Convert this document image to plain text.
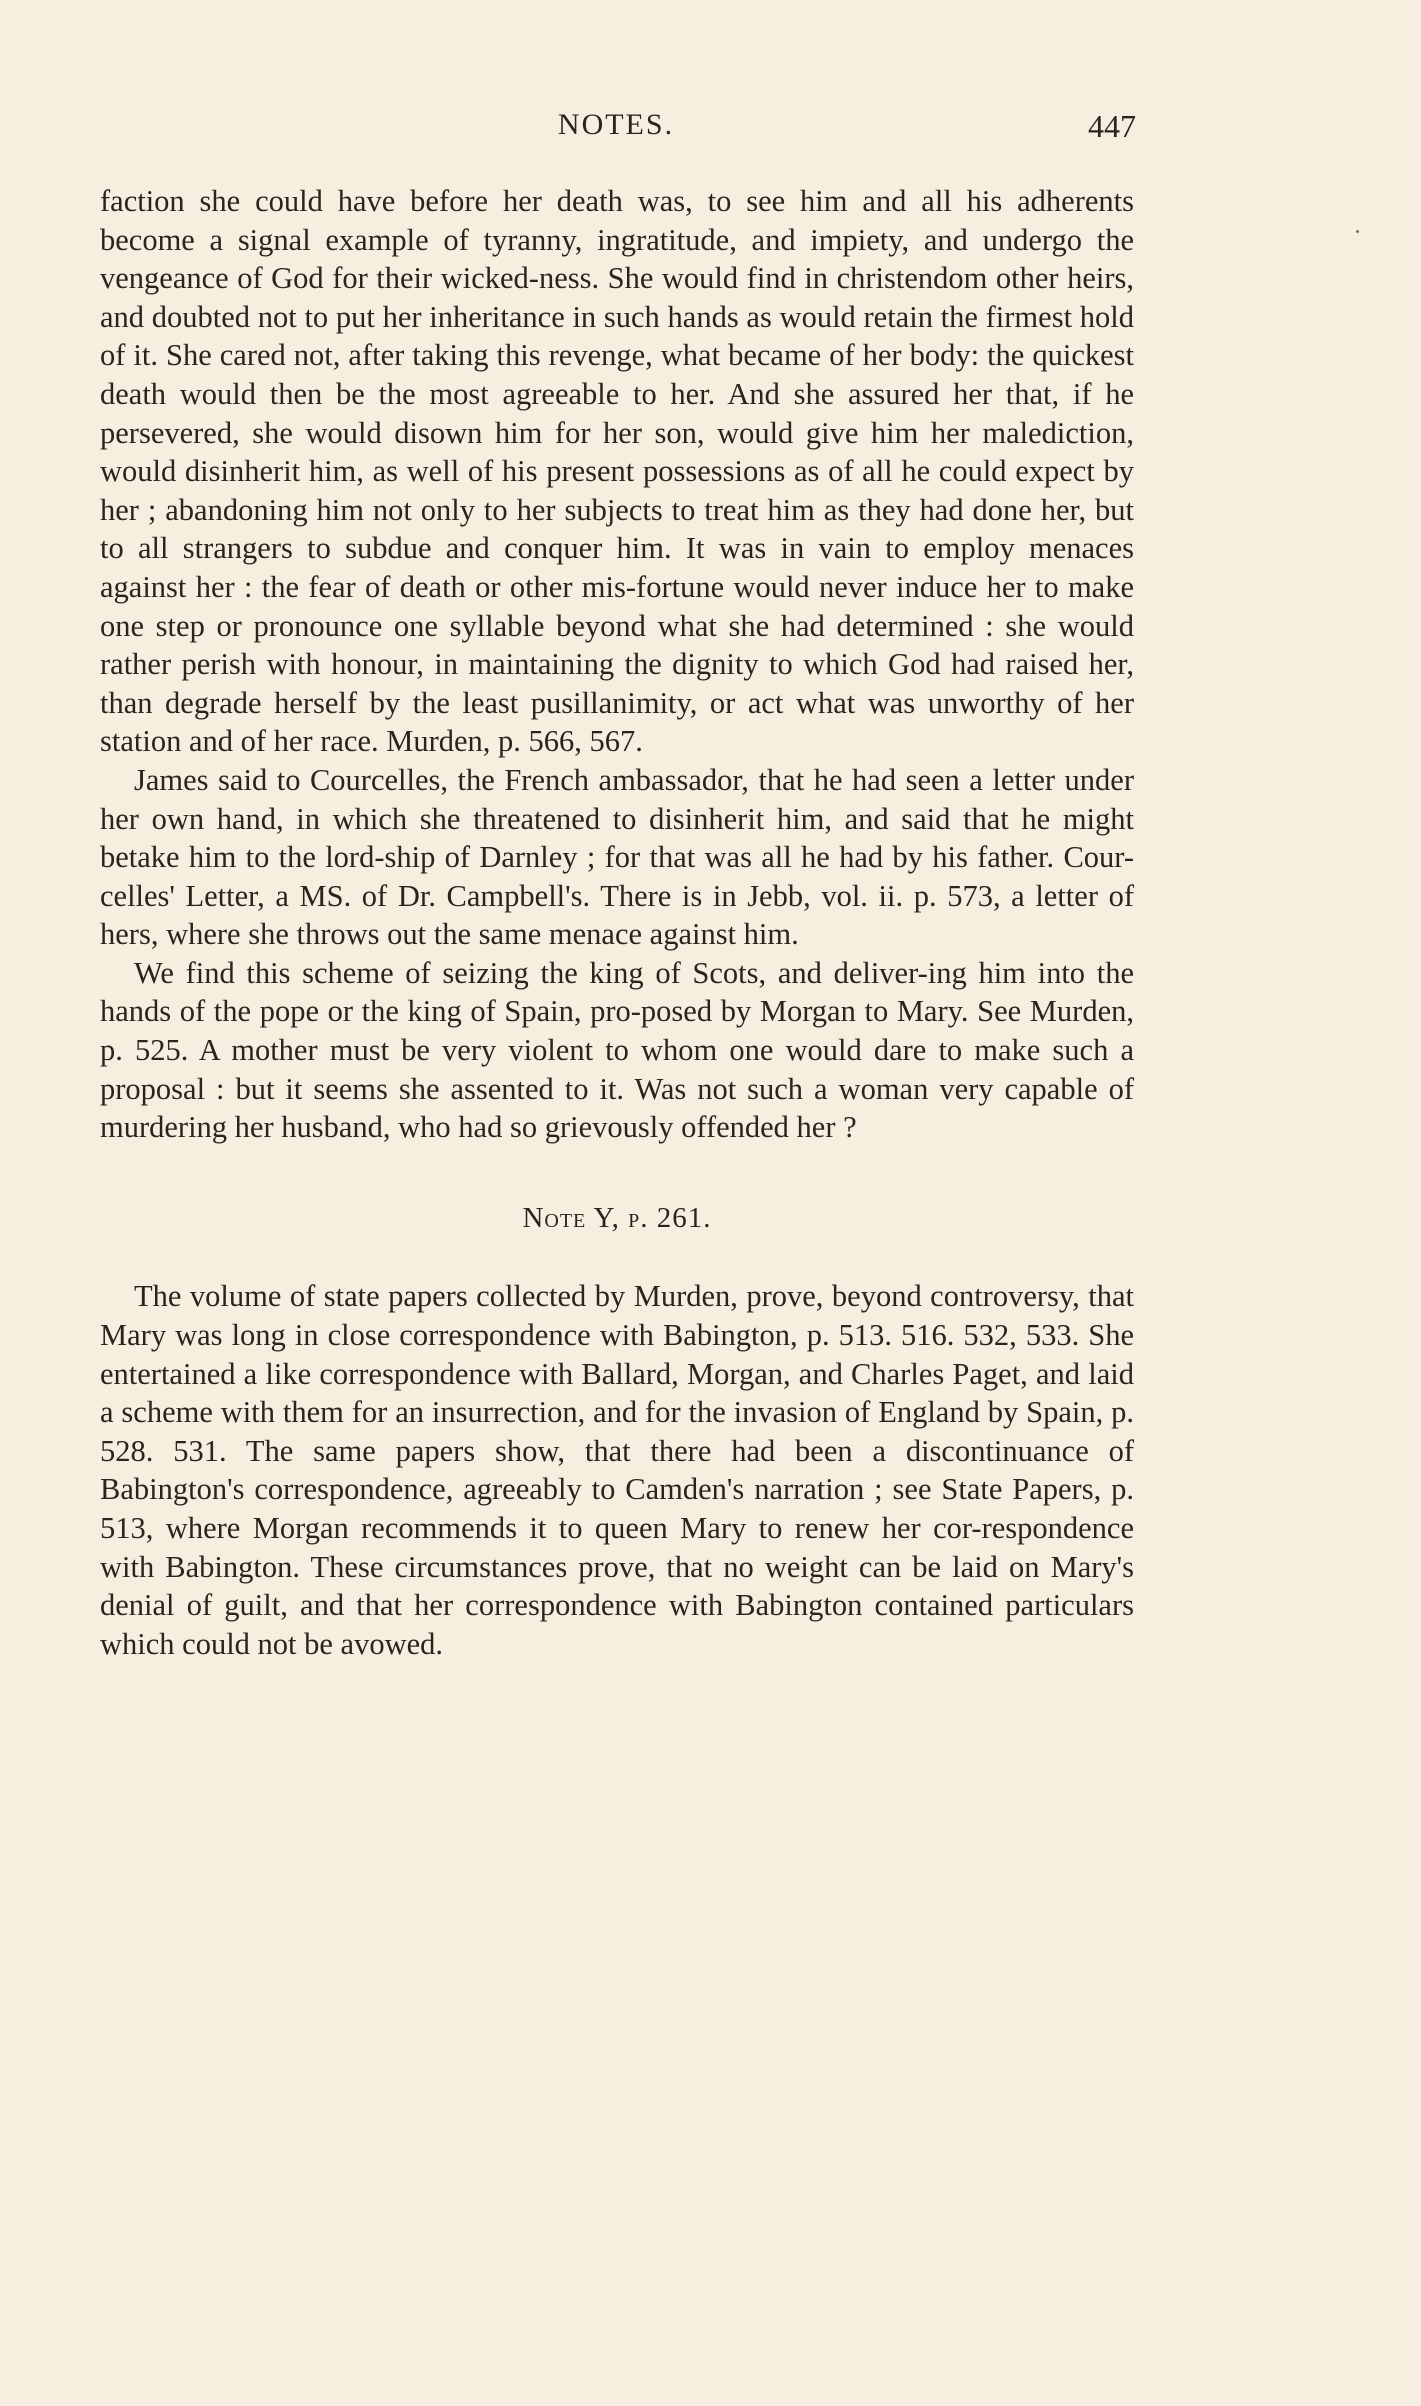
NOTES.	447

faction she could have before her death was, to see him and all his adherents become a signal example of tyranny, ingratitude, and impiety, and undergo the vengeance of God for their wicked-ness. She would find in christendom other heirs, and doubted not to put her inheritance in such hands as would retain the firmest hold of it. She cared not, after taking this revenge, what became of her body: the quickest death would then be the most agreeable to her. And she assured her that, if he persevered, she would disown him for her son, would give him her malediction, would disinherit him, as well of his present possessions as of all he could expect by her ; abandoning him not only to her subjects to treat him as they had done her, but to all strangers to subdue and conquer him. It was in vain to employ menaces against her : the fear of death or other mis-fortune would never induce her to make one step or pronounce one syllable beyond what she had determined : she would rather perish with honour, in maintaining the dignity to which God had raised her, than degrade herself by the least pusillanimity, or act what was unworthy of her station and of her race. Murden, p. 566, 567.

James said to Courcelles, the French ambassador, that he had seen a letter under her own hand, in which she threatened to disinherit him, and said that he might betake him to the lord-ship of Darnley ; for that was all he had by his father. Cour-celles' Letter, a MS. of Dr. Campbell's. There is in Jebb, vol. ii. p. 573, a letter of hers, where she throws out the same menace against him.

We find this scheme of seizing the king of Scots, and deliver-ing him into the hands of the pope or the king of Spain, pro-posed by Morgan to Mary. See Murden, p. 525. A mother must be very violent to whom one would dare to make such a proposal : but it seems she assented to it. Was not such a woman very capable of murdering her husband, who had so grievously offended her ?

Note Y, p. 261.

The volume of state papers collected by Murden, prove, beyond controversy, that Mary was long in close correspondence with Babington, p. 513. 516. 532, 533. She entertained a like correspondence with Ballard, Morgan, and Charles Paget, and laid a scheme with them for an insurrection, and for the invasion of England by Spain, p. 528. 531. The same papers show, that there had been a discontinuance of Babington's correspondence, agreeably to Camden's narration ; see State Papers, p. 513, where Morgan recommends it to queen Mary to renew her cor-respondence with Babington. These circumstances prove, that no weight can be laid on Mary's denial of guilt, and that her correspondence with Babington contained particulars which could not be avowed.
